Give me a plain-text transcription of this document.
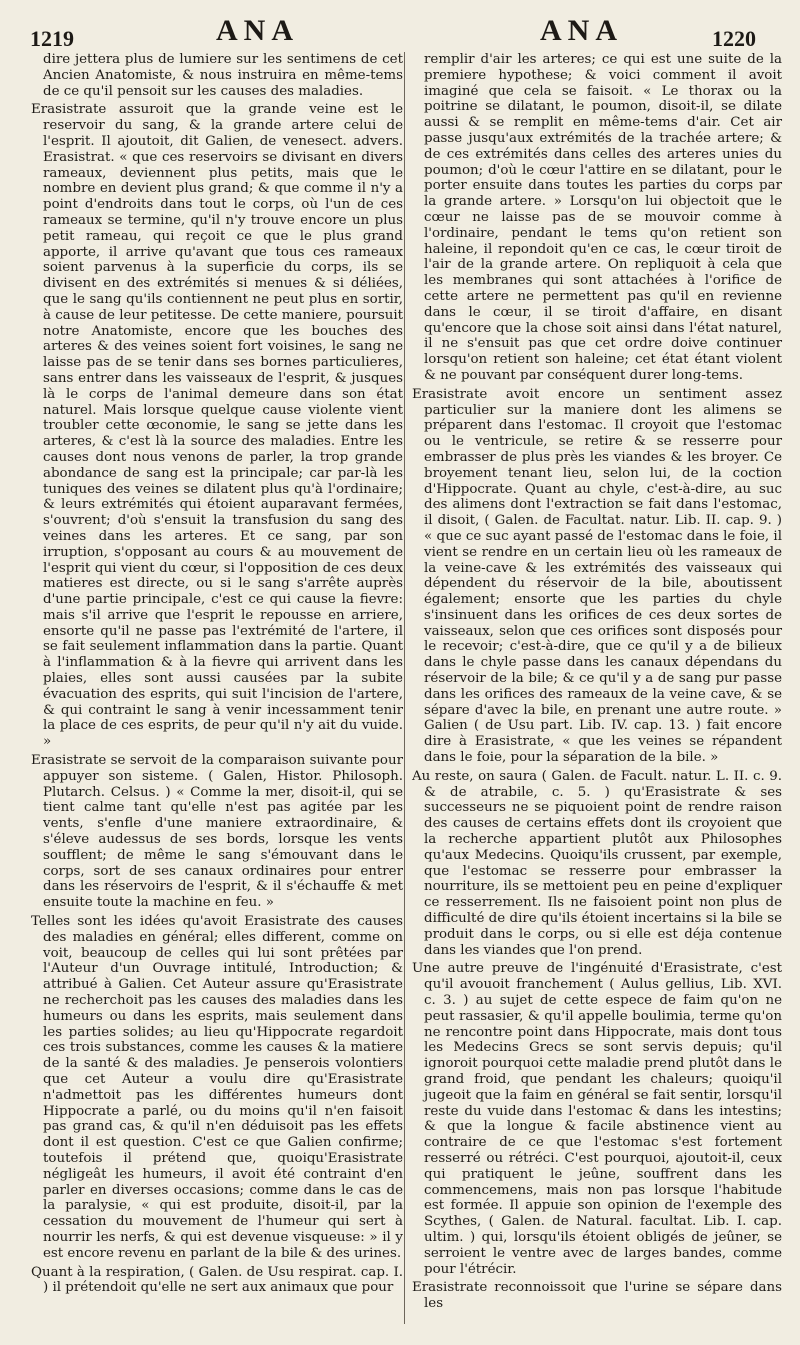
1219	ANA	ANA	1220

dire jettera plus de lumiere sur les sentimens de cet Ancien Anatomiste, & nous instruira en même-tems de ce qu'il pensoit sur les causes des maladies.

Erasistrate assuroit que la grande veine est le reservoir du sang, & la grande artere celui de l'esprit. Il ajoutoit, dit Galien, de venesect. advers. Erasistrat. « que ces reservoirs se divisant en divers rameaux, deviennent plus petits, mais que le nombre en devient plus grand; & que comme il n'y a point d'endroits dans tout le corps, où l'un de ces rameaux se termine, qu'il n'y trouve encore un plus petit rameau, qui reçoit ce que le plus grand apporte, il arrive qu'avant que tous ces rameaux soient parvenus à la superficie du corps, ils se divisent en des extrémités si menues & si déliées, que le sang qu'ils contiennent ne peut plus en sortir, à cause de leur petitesse. De cette maniere, poursuit notre Anatomiste, encore que les bouches des arteres & des veines soient fort voisines, le sang ne laisse pas de se tenir dans ses bornes particulieres, sans entrer dans les vaisseaux de l'esprit, & jusques là le corps de l'animal demeure dans son état naturel. Mais lorsque quelque cause violente vient troubler cette œconomie, le sang se jette dans les arteres, & c'est là la source des maladies. Entre les causes dont nous venons de parler, la trop grande abondance de sang est la principale; car par-là les tuniques des veines se dilatent plus qu'à l'ordinaire; & leurs extrémités qui étoient auparavant fermées, s'ouvrent; d'où s'ensuit la transfusion du sang des veines dans les arteres. Et ce sang, par son irruption, s'opposant au cours & au mouvement de l'esprit qui vient du cœur, si l'opposition de ces deux matieres est directe, ou si le sang s'arrête auprès d'une partie principale, c'est ce qui cause la fievre: mais s'il arrive que l'esprit le repousse en arriere, ensorte qu'il ne passe pas l'extrémité de l'artere, il se fait seulement inflammation dans la partie. Quant à l'inflammation & à la fievre qui arrivent dans les plaies, elles sont aussi causées par la subite évacuation des esprits, qui suit l'incision de l'artere, & qui contraint le sang à venir incessamment tenir la place de ces esprits, de peur qu'il n'y ait du vuide. »

Erasistrate se servoit de la comparaison suivante pour appuyer son sisteme. ( Galen, Histor. Philosoph. Plutarch. Celsus. ) « Comme la mer, disoit-il, qui se tient calme tant qu'elle n'est pas agitée par les vents, s'enfle d'une maniere extraordinaire, & s'éleve audessus de ses bords, lorsque les vents soufflent; de même le sang s'émouvant dans le corps, sort de ses canaux ordinaires pour entrer dans les réservoirs de l'esprit, & il s'échauffe & met ensuite toute la machine en feu. »

Telles sont les idées qu'avoit Erasistrate des causes des maladies en général; elles different, comme on voit, beaucoup de celles qui lui sont prêtées par l'Auteur d'un Ouvrage intitulé, Introduction; & attribué à Galien. Cet Auteur assure qu'Erasistrate ne recherchoit pas les causes des maladies dans les humeurs ou dans les esprits, mais seulement dans les parties solides; au lieu qu'Hippocrate regardoit ces trois substances, comme les causes & la matiere de la santé & des maladies. Je penserois volontiers que cet Auteur a voulu dire qu'Erasistrate n'admettoit pas les différentes humeurs dont Hippocrate a parlé, ou du moins qu'il n'en faisoit pas grand cas, & qu'il n'en déduisoit pas les effets dont il est question. C'est ce que Galien confirme; toutefois il prétend que, quoiqu'Erasistrate négligeât les humeurs, il avoit été contraint d'en parler en diverses occasions; comme dans le cas de la paralysie, « qui est produite, disoit-il, par la cessation du mouvement de l'humeur qui sert à nourrir les nerfs, & qui est devenue visqueuse: » il y est encore revenu en parlant de la bile & des urines.

Quant à la respiration, ( Galen. de Usu respirat. cap. I. ) il prétendoit qu'elle ne sert aux animaux que pour

remplir d'air les arteres; ce qui est une suite de la premiere hypothese; & voici comment il avoit imaginé que cela se faisoit. « Le thorax ou la poitrine se dilatant, le poumon, disoit-il, se dilate aussi & se remplit en même-tems d'air. Cet air passe jusqu'aux extrémités de la trachée artere; & de ces extrémités dans celles des arteres unies du poumon; d'où le cœur l'attire en se dilatant, pour le porter ensuite dans toutes les parties du corps par la grande artere. » Lorsqu'on lui objectoit que le cœur ne laisse pas de se mouvoir comme à l'ordinaire, pendant le tems qu'on retient son haleine, il repondoit qu'en ce cas, le cœur tiroit de l'air de la grande artere. On repliquoit à cela que les membranes qui sont attachées à l'orifice de cette artere ne permettent pas qu'il en revienne dans le cœur, il se tiroit d'affaire, en disant qu'encore que la chose soit ainsi dans l'état naturel, il ne s'ensuit pas que cet ordre doive continuer lorsqu'on retient son haleine; cet état étant violent & ne pouvant par conséquent durer long-tems.

Erasistrate avoit encore un sentiment assez particulier sur la maniere dont les alimens se préparent dans l'estomac. Il croyoit que l'estomac ou le ventricule, se retire & se resserre pour embrasser de plus près les viandes & les broyer. Ce broyement tenant lieu, selon lui, de la coction d'Hippocrate. Quant au chyle, c'est-à-dire, au suc des alimens dont l'extraction se fait dans l'estomac, il disoit, ( Galen. de Facultat. natur. Lib. II. cap. 9. ) « que ce suc ayant passé de l'estomac dans le foie, il vient se rendre en un certain lieu où les rameaux de la veine-cave & les extrémités des vaisseaux qui dépendent du réservoir de la bile, aboutissent également; ensorte que les parties du chyle s'insinuent dans les orifices de ces deux sortes de vaisseaux, selon que ces orifices sont disposés pour le recevoir; c'est-à-dire, que ce qu'il y a de bilieux dans le chyle passe dans les canaux dépendans du réservoir de la bile; & ce qu'il y a de sang pur passe dans les orifices des rameaux de la veine cave, & se sépare d'avec la bile, en prenant une autre route. » Galien ( de Usu part. Lib. IV. cap. 13. ) fait encore dire à Erasistrate, « que les veines se répandent dans le foie, pour la séparation de la bile. »

Au reste, on saura ( Galen. de Facult. natur. L. II. c. 9. & de atrabile, c. 5. ) qu'Erasistrate & ses successeurs ne se piquoient point de rendre raison des causes de certains effets dont ils croyoient que la recherche appartient plutôt aux Philosophes qu'aux Medecins. Quoiqu'ils crussent, par exemple, que l'estomac se resserre pour embrasser la nourriture, ils se mettoient peu en peine d'expliquer ce resserrement. Ils ne faisoient point non plus de difficulté de dire qu'ils étoient incertains si la bile se produit dans le corps, ou si elle est déja contenue dans les viandes que l'on prend.

Une autre preuve de l'ingénuité d'Erasistrate, c'est qu'il avouoit franchement ( Aulus gellius, Lib. XVI. c. 3. ) au sujet de cette espece de faim qu'on ne peut rassasier, & qu'il appelle boulimia, terme qu'on ne rencontre point dans Hippocrate, mais dont tous les Medecins Grecs se sont servis depuis; qu'il ignoroit pourquoi cette maladie prend plutôt dans le grand froid, que pendant les chaleurs; quoiqu'il jugeoit que la faim en général se fait sentir, lorsqu'il reste du vuide dans l'estomac & dans les intestins; & que la longue & facile abstinence vient au contraire de ce que l'estomac s'est fortement resserré ou rétréci. C'est pourquoi, ajoutoit-il, ceux qui pratiquent le jeûne, souffrent dans les commencemens, mais non pas lorsque l'habitude est formée. Il appuie son opinion de l'exemple des Scythes, ( Galen. de Natural. facultat. Lib. I. cap. ultim. ) qui, lorsqu'ils étoient obligés de jeûner, se serroient le ventre avec de larges bandes, comme pour l'étrécir.

Erasistrate reconnoissoit que l'urine se sépare dans les
